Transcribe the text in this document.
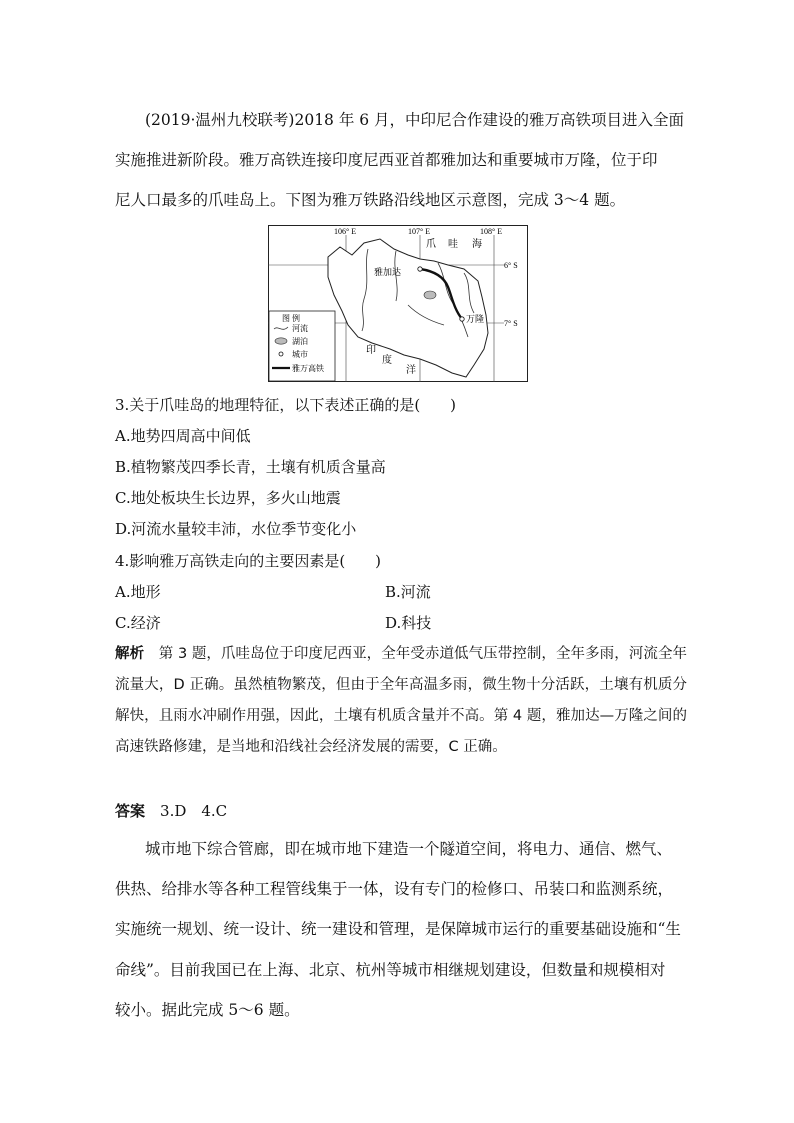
(2019·温州九校联考)2018 年 6 月，中印尼合作建设的雅万高铁项目进入全面
实施推进新阶段。雅万高铁连接印度尼西亚首都雅加达和重要城市万隆，位于印
尼人口最多的爪哇岛上。下图为雅万铁路沿线地区示意图，完成 3～4 题。
106° E	107° E	108° E
6° S
7° S
雅加达
万隆
爪 哇 海
印
度
洋
图 例
河流
湖泊
城市
雅万高铁
3.关于爪哇岛的地理特征，以下表述正确的是(　　)
A.地势四周高中间低
B.植物繁茂四季长青，土壤有机质含量高
C.地处板块生长边界，多火山地震
D.河流水量较丰沛，水位季节变化小
4.影响雅万高铁走向的主要因素是(　　)
A.地形	B.河流
C.经济	D.科技

解析　 第 3 题，爪哇岛位于印度尼西亚，全年受赤道低气压带控制，全年多雨，河流全年流量大，D 正确。虽然植物繁茂，但由于全年高温多雨，微生物十分活跃，土壤有机质分解快，且雨水冲刷作用强，因此，土壤有机质含量并不高。第 4 题，雅加达—万隆之间的高速铁路修建，是当地和沿线社会经济发展的需要，C 正确。

答案　 3.D　4.C
城市地下综合管廊，即在城市地下建造一个隧道空间，将电力、通信、燃气、
供热、给排水等各种工程管线集于一体，设有专门的检修口、吊装口和监测系统，
实施统一规划、统一设计、统一建设和管理，是保障城市运行的重要基础设施和“生
命线”。目前我国已在上海、北京、杭州等城市相继规划建设，但数量和规模相对
较小。据此完成 5～6 题。
